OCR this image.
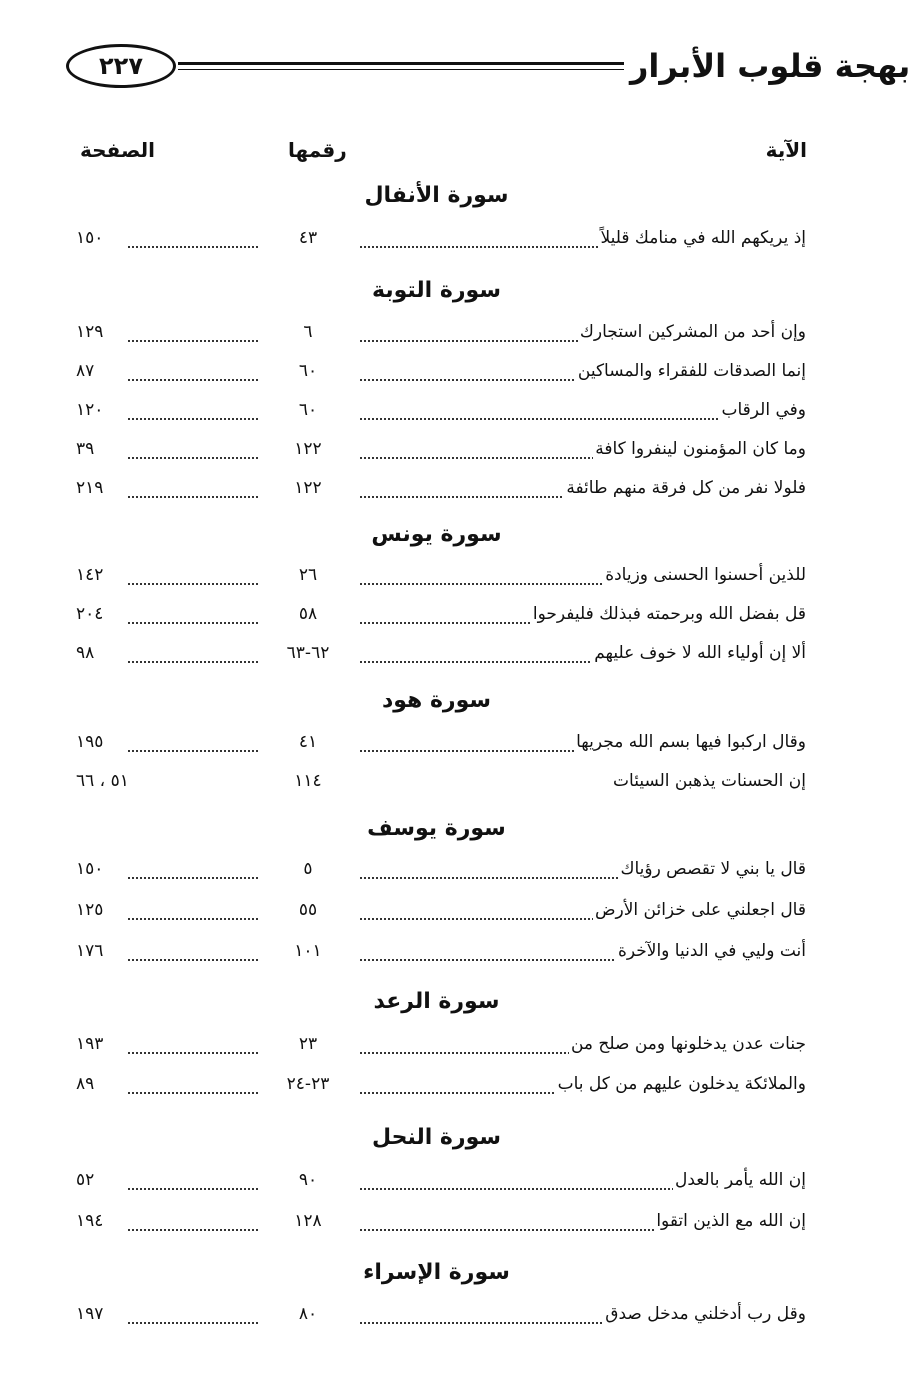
٢٢٧	بهجة قلوب الأبرار
الآية
رقمها
الصفحة
سورة الأنفال
إذ يريكهم الله في منامك قليلاً
٤٣
١٥٠
سورة التوبة
وإن أحد من المشركين استجارك
٦
١٢٩
إنما الصدقات للفقراء والمساكين
٦٠
٨٧
وفي الرقاب
٦٠
١٢٠
وما كان المؤمنون لينفروا كافة
١٢٢
٣٩
فلولا نفر من كل فرقة منهم طائفة
١٢٢
٢١٩
سورة يونس
للذين أحسنوا الحسنى وزيادة
٢٦
١٤٢
قل بفضل الله وبرحمته فبذلك فليفرحوا
٥٨
٢٠٤
ألا إن أولياء الله لا خوف عليهم
٦٢-٦٣
٩٨
سورة هود
وقال اركبوا فيها بسم الله مجريها
٤١
١٩٥
إن الحسنات يذهبن السيئات
١١٤
٥١ ، ٦٦
سورة يوسف
قال يا بني لا تقصص رؤياك
٥
١٥٠
قال اجعلني على خزائن الأرض
٥٥
١٢٥
أنت وليي في الدنيا والآخرة
١٠١
١٧٦
سورة الرعد
جنات عدن يدخلونها ومن صلح من
٢٣
١٩٣
والملائكة يدخلون عليهم من كل باب
٢٣-٢٤
٨٩
سورة النحل
إن الله يأمر بالعدل
٩٠
٥٢
إن الله مع الذين اتقوا
١٢٨
١٩٤
سورة الإسراء
وقل رب أدخلني مدخل صدق
٨٠
١٩٧
